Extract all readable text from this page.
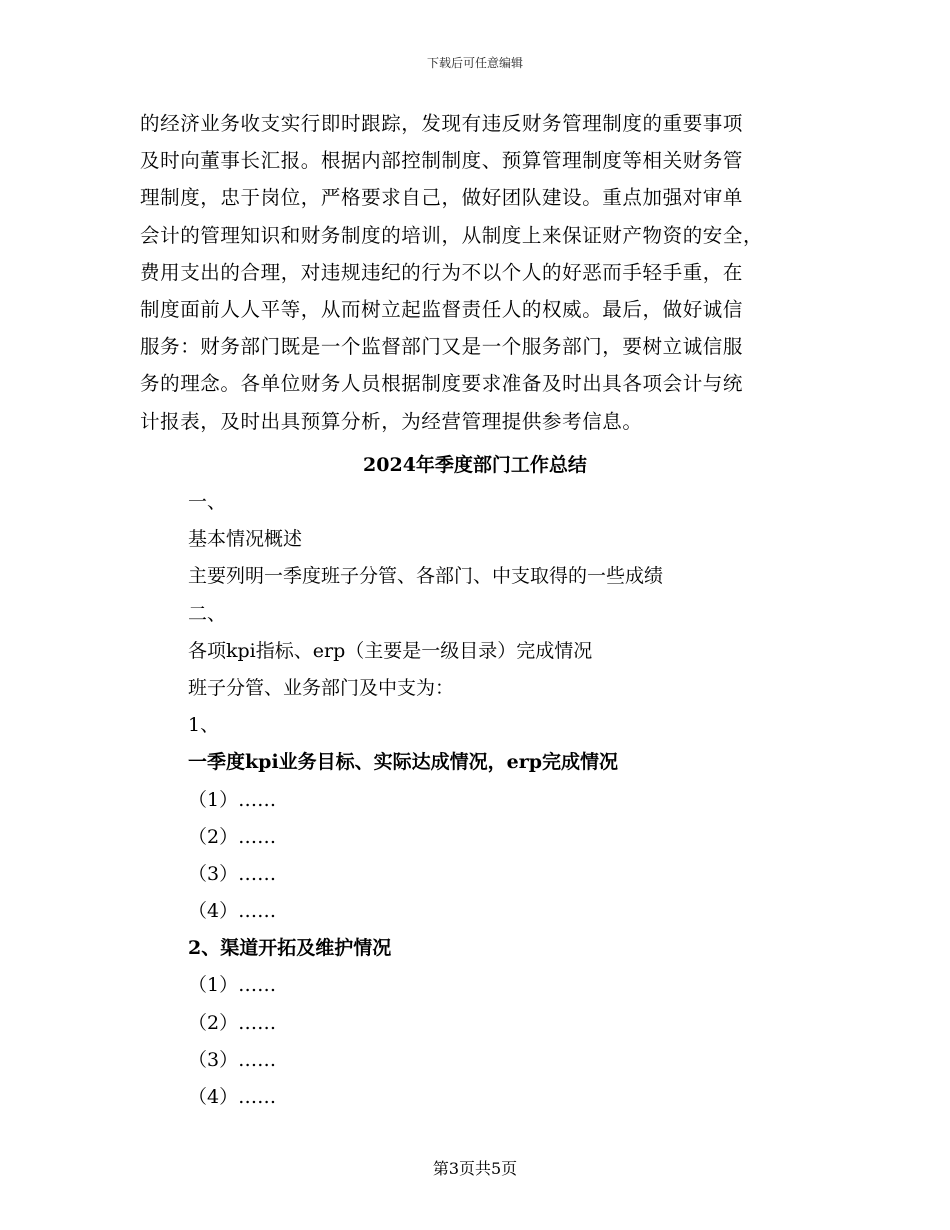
下载后可任意编辑
的经济业务收支实行即时跟踪，发现有违反财务管理制度的重要事项
及时向董事长汇报。根据内部控制制度、预算管理制度等相关财务管
理制度，忠于岗位，严格要求自己，做好团队建设。重点加强对审单
会计的管理知识和财务制度的培训，从制度上来保证财产物资的安全，
费用支出的合理，对违规违纪的行为不以个人的好恶而手轻手重，在
制度面前人人平等，从而树立起监督责任人的权威。最后，做好诚信
服务：财务部门既是一个监督部门又是一个服务部门，要树立诚信服
务的理念。各单位财务人员根据制度要求准备及时出具各项会计与统
计报表，及时出具预算分析，为经营管理提供参考信息。
2024年季度部门工作总结
一、
基本情况概述
主要列明一季度班子分管、各部门、中支取得的一些成绩
二、
各项kpi指标、erp（主要是一级目录）完成情况
班子分管、业务部门及中支为：
1、
一季度kpi业务目标、实际达成情况，erp完成情况
（1）……
（2）……
（3）……
（4）……
2、渠道开拓及维护情况
（1）……
（2）……
（3）……
（4）……
第3页共5页
